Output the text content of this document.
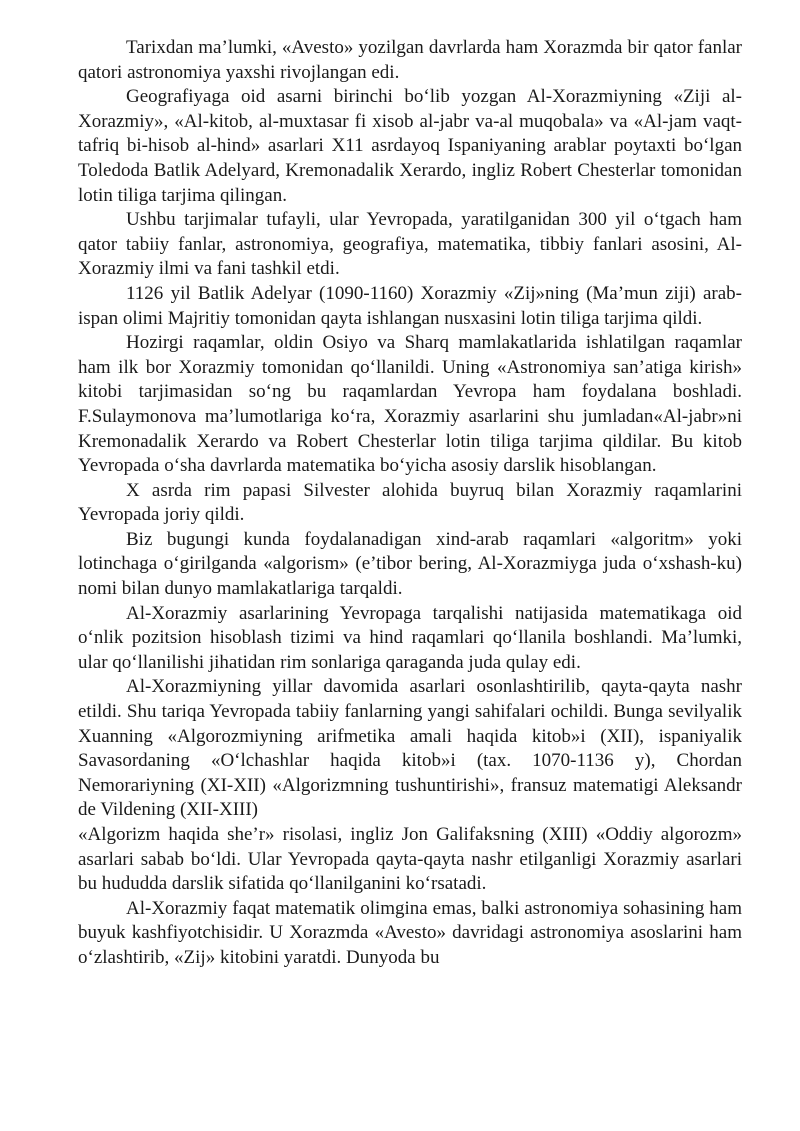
Tarixdan ma’lumki, «Avesto» yozilgan davrlarda ham Xorazmda bir qator fanlar qatori astronomiya yaxshi rivojlangan edi.

Geografiyaga oid asarni birinchi bo‘lib yozgan Al-Xorazmiyning «Ziji al-Xorazmiy», «Al-kitob, al-muxtasar fi xisob al-jabr va-al muqobala» va «Al-jam vaqt-tafriq bi-hisob al-hind» asarlari X11 asrdayoq Ispaniyaning arablar poytaxti bo‘lgan Toledoda Batlik Adelyard, Kremonadalik Xerardo, ingliz Robert Chesterlar tomonidan lotin tiliga tarjima qilingan.

Ushbu tarjimalar tufayli, ular Yevropada, yaratilganidan 300 yil o‘tgach ham qator tabiiy fanlar, astronomiya, geografiya, matematika, tibbiy fanlari asosini, Al-Xorazmiy ilmi va fani tashkil etdi.

1126 yil Batlik Adelyar (1090-1160) Xorazmiy «Zij»ning (Ma’mun ziji) arab-ispan olimi Majritiy tomonidan qayta ishlangan nusxasini lotin tiliga tarjima qildi.

Hozirgi raqamlar, oldin Osiyo va Sharq mamlakatlarida ishlatilgan raqamlar ham ilk bor Xorazmiy tomonidan qo‘llanildi. Uning «Astronomiya san’atiga kirish» kitobi tarjimasidan so‘ng bu raqamlardan Yevropa ham foydalana boshladi. F.Sulaymonova ma’lumotlariga ko‘ra, Xorazmiy asarlarini shu jumladan«Al-jabr»ni Kremonadalik Xerardo va Robert Chesterlar lotin tiliga tarjima qildilar. Bu kitob Yevropada o‘sha davrlarda matematika bo‘yicha asosiy darslik hisoblangan.

X asrda rim papasi Silvester alohida buyruq bilan Xorazmiy raqamlarini Yevropada joriy qildi.

Biz bugungi kunda foydalanadigan xind-arab raqamlari «algoritm» yoki lotinchaga o‘girilganda «algorism» (e’tibor bering, Al-Xorazmiyga juda o‘xshash-ku) nomi bilan dunyo mamlakatlariga tarqaldi.

Al-Xorazmiy asarlarining Yevropaga tarqalishi natijasida matematikaga oid o‘nlik pozitsion hisoblash tizimi va hind raqamlari qo‘llanila boshlandi. Ma’lumki, ular qo‘llanilishi jihatidan rim sonlariga qaraganda juda qulay edi.

Al-Xorazmiyning yillar davomida asarlari osonlashtirilib, qayta-qayta nashr etildi. Shu tariqa Yevropada tabiiy fanlarning yangi sahifalari ochildi. Bunga sevilyalik Xuanning «Algorozmiyning arifmetika amali haqida kitob»i (XII), ispaniyalik Savasordaning «O‘lchashlar haqida kitob»i (tax. 1070-1136 y), Chordan Nemorariyning (XI-XII) «Algorizmning tushuntirishi», fransuz matematigi Aleksandr de Vildening (XII-XIII)

«Algorizm haqida she’r» risolasi, ingliz Jon Galifaksning (XIII) «Oddiy algorozm» asarlari sabab bo‘ldi. Ular Yevropada qayta-qayta nashr etilganligi Xorazmiy asarlari bu hududda darslik sifatida qo‘llanilganini ko‘rsatadi.

Al-Xorazmiy faqat matematik olimgina emas, balki astronomiya sohasining ham buyuk kashfiyotchisidir. U Xorazmda «Avesto» davridagi astronomiya asoslarini ham o‘zlashtirib, «Zij» kitobini yaratdi. Dunyoda bu
